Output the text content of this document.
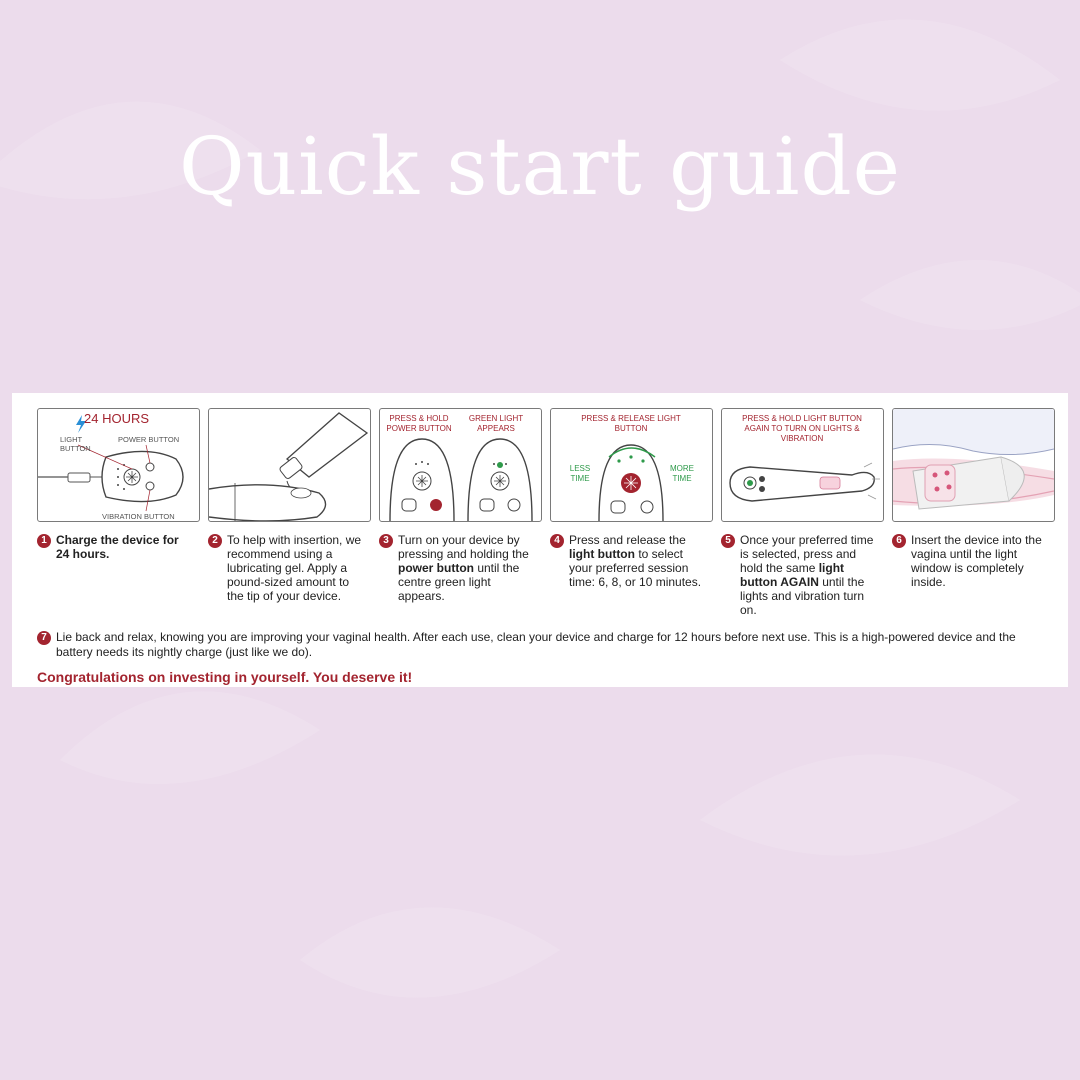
Quick start guide
24 HOURS
LIGHT BUTTON
POWER BUTTON
VIBRATION BUTTON
PRESS & HOLD POWER BUTTON
GREEN LIGHT APPEARS
PRESS & RELEASE LIGHT BUTTON
LESS TIME
MORE TIME
PRESS & HOLD LIGHT BUTTON AGAIN TO TURN ON LIGHTS & VIBRATION
1 Charge the device for 24 hours.
2 To help with insertion, we recommend using a lubricating gel. Apply a pound-sized amount to the tip of your device.
3 Turn on your device by pressing and holding the power button until the centre green light appears.
4 Press and release the light button to select your preferred session time: 6, 8, or 10 minutes.
5 Once your preferred time is selected, press and hold the same light button AGAIN until the lights and vibration turn on.
6 Insert the device into the vagina until the light window is completely inside.
7 Lie back and relax, knowing you are improving your vaginal health. After each use, clean your device and charge for 12 hours before next use. This is a high-powered device and the battery needs its nightly charge (just like we do).
Congratulations on investing in yourself. You deserve it!
